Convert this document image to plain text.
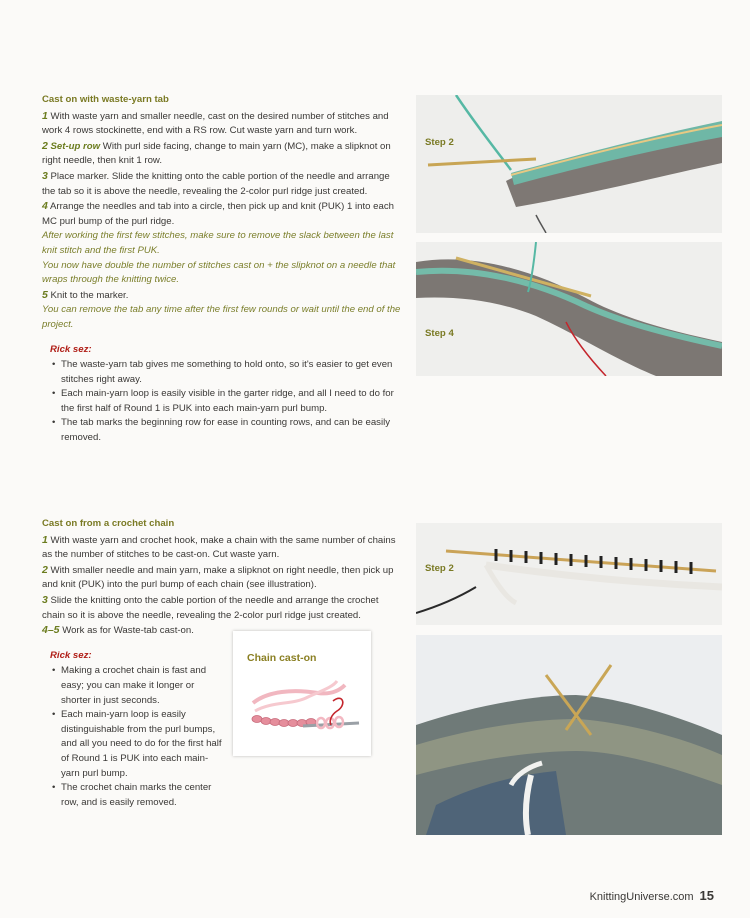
Cast on with waste-yarn tab

1 With waste yarn and smaller needle, cast on the desired number of stitches and work 4 rows stockinette, end with a RS row. Cut waste yarn and turn work.

2 Set-up row With purl side facing, change to main yarn (MC), make a slipknot on right needle, then knit 1 row.

3 Place marker. Slide the knitting onto the cable portion of the needle and arrange the tab so it is above the needle, revealing the 2-color purl ridge just created.

4 Arrange the needles and tab into a circle, then pick up and knit (PUK) 1 into each MC purl bump of the purl ridge.

After working the first few stitches, make sure to remove the slack between the last knit stitch and the first PUK.

You now have double the number of stitches cast on + the slipknot on a needle that wraps through the knitting twice.

5 Knit to the marker.

You can remove the tab any time after the first few rounds or wait until the end of the project.

Rick sez:
• The waste-yarn tab gives me something to hold onto, so it's easier to get even stitches right away.
• Each main-yarn loop is easily visible in the garter ridge, and all I need to do for the first half of Round 1 is PUK into each main-yarn purl bump.
• The tab marks the beginning row for ease in counting rows, and can be easily removed.
Cast on from a crochet chain

1 With waste yarn and crochet hook, make a chain with the same number of chains as the number of stitches to be cast-on. Cut waste yarn.

2 With smaller needle and main yarn, make a slipknot on right needle, then pick up and knit (PUK) into the purl bump of each chain (see illustration).

3 Slide the knitting onto the cable portion of the needle and arrange the crochet chain so it is above the needle, revealing the 2-color purl ridge just created.

4–5 Work as for Waste-tab cast-on.

Rick sez:
• Making a crochet chain is fast and easy; you can make it longer or shorter in just seconds.
• Each main-yarn loop is easily distinguishable from the purl bumps, and all you need to do for the first half of Round 1 is PUK into each main-yarn purl bump.
• The crochet chain marks the center row, and is easily removed.
Chain cast-on
Step 2
Step 4
Step 2
KnittingUniverse.com 15
